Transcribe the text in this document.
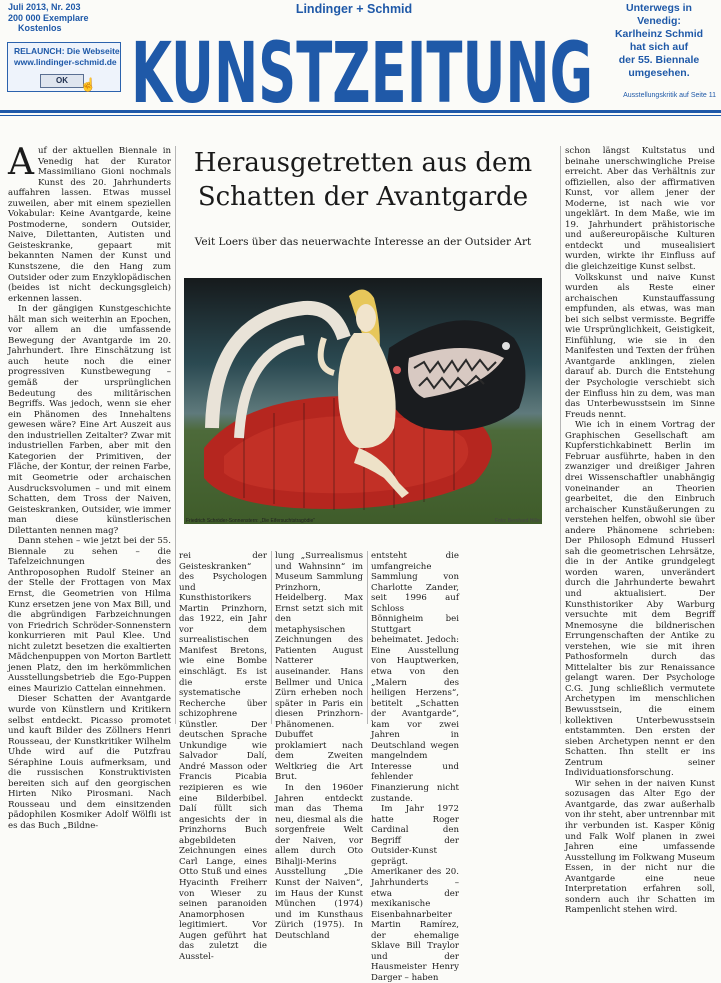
Juli 2013, Nr. 203
200 000 Exemplare
Kostenlos
RELAUNCH: Die Webseite
www.lindinger-schmid.de
OK ☝
Lindinger + Schmid
KUNSTZEITUNG
Unterwegs in
Venedig:
Karlheinz Schmid
hat sich auf
der 55. Biennale
umgesehen.
Ausstellungskritik auf Seite 11

Auf der aktuellen Biennale in Venedig hat der Kurator Massimiliano Gioni nochmals Kunst des 20. Jahrhunderts auffahren lassen. Etwas mussel zuweilen, aber mit einem speziellen Vokabular: Keine Avantgarde, keine Postmoderne, sondern Outsider, Naive, Dilettanten, Autisten und Geisteskranke, gepaart mit bekannten Namen der Kunst und Kunstszene, die den Hang zum Outsider oder zum Enzyklopädischen (beides ist nicht deckungsgleich) erkennen lassen.

In der gängigen Kunstgeschichte hält man sich weiterhin an Epochen, vor allem an die umfassende Bewegung der Avantgarde im 20. Jahrhundert. Ihre Einschätzung ist auch heute noch die einer progressiven Kunstbewegung – gemäß der ursprünglichen Bedeutung des militärischen Begriffs. Was jedoch, wenn sie eher ein Phänomen des Innehaltens gewesen wäre? Eine Art Auszeit aus den industriellen Zeitalter? Zwar mit industriellen Farben, aber mit den Kategorien der Primitiven, der Fläche, der Kontur, der reinen Farbe, mit Geometrie oder archaischen Ausdrucksvolumen – und mit einem Schatten, dem Tross der Naiven, Geisteskranken, Outsider, wie immer man diese künstlerischen Dilettanten nennen mag?

Dann stehen – wie jetzt bei der 55. Biennale zu sehen – die Tafelzeichnungen des Anthroposophen Rudolf Steiner an der Stelle der Frottagen von Max Ernst, die Geometrien von Hilma Kunz ersetzen jene von Max Bill, und die abgründigen Farbzeichnungen von Friedrich Schröder-Sonnenstern konkurrieren mit Paul Klee. Und nicht zuletzt besetzen die exaltierten Mädchenpuppen von Morton Bartlett jenen Platz, den im herkömmlichen Ausstellungsbetrieb die Ego-Puppen eines Maurizio Cattelan einnehmen.

Dieser Schatten der Avantgarde wurde von Künstlern und Kritikern selbst entdeckt. Picasso promotet und kauft Bilder des Zöllners Henri Rousseau, der Kunstkritiker Wilhelm Uhde wird auf die Putzfrau Séraphine Louis aufmerksam, und die russischen Konstruktivisten bereiten sich auf den georgischen Hirten Niko Pirosmani. Nach Rousseau und dem einsitzenden pädophilen Kosmiker Adolf Wölfli ist es das Buch „Bildne-

Herausgetretten aus dem
Schatten der Avantgarde
Veit Loers über das neuerwachte Interesse an der Outsider Art
Friedrich Schröder-Sonnenstern: „Die Eifersuchtstragödie“	Foto: Bernhard Hiller

rei der Geisteskranken“ des Psychologen und Kunsthistorikers Martin Prinzhorn, das 1922, ein Jahr vor dem surrealistischen Manifest Bretons, wie eine Bombe einschlägt. Es ist die erste systematische Recherche über schizophrene Künstler. Der deutschen Sprache Unkundige wie Salvador Dalí, André Masson oder Francis Picabia rezipieren es wie eine Bilderbibel. Dalí füllt sich angesichts der in Prinzhorns Buch abgebildeten Zeichnungen eines Carl Lange, eines Otto Stuß und eines Hyacinth Freiherr von Wieser zu seinen paranoiden Anamorphosen legitimiert. Vor Augen geführt hat das zuletzt die Ausstel-

lung „Surrealismus und Wahnsinn“ im Museum Sammlung Prinzhorn, Heidelberg. Max Ernst setzt sich mit den metaphysischen Zeichnungen des Patienten August Natterer auseinander. Hans Bellmer und Unica Zürn erheben noch später in Paris ein diesen Prinzhorn-Phänomenen. Dubuffet proklamiert nach dem Zweiten Weltkrieg die Art Brut.

In den 1960er Jahren entdeckt man das Thema neu, diesmal als die sorgenfreie Welt der Naiven, vor allem durch Oto Bihalji-Merins Ausstellung „Die Kunst der Naiven“, im Haus der Kunst München (1974) und im Kunsthaus Zürich (1975). In Deutschland

entsteht die umfangreiche Sammlung von Charlotte Zander, seit 1996 auf Schloss Bönnigheim bei Stuttgart beheimatet. Jedoch: Eine Ausstellung von Hauptwerken, etwa von den „Malern des heiligen Herzens“, betitelt „Schatten der Avantgarde“, kam vor zwei Jahren in Deutschland wegen mangelndem Interesse und fehlender Finanzierung nicht zustande.

Im Jahr 1972 hatte Roger Cardinal den Begriff der Outsider-Kunst geprägt. Amerikaner des 20. Jahrhunderts – etwa der mexikanische Eisenbahnarbeiter Martin Ramírez, der ehemalige Sklave Bill Traylor und der Hausmeister Henry Darger – haben

schon längst Kultstatus und beinahe unerschwingliche Preise erreicht. Aber das Verhältnis zur offiziellen, also der affirmativen Kunst, vor allem jener der Moderne, ist nach wie vor ungeklärt. In dem Maße, wie im 19. Jahrhundert prähistorische und außereuropäische Kulturen entdeckt und musealisiert wurden, wirkte ihr Einfluss auf die gleichzeitige Kunst selbst.

Volkskunst und naive Kunst wurden als Reste einer archaischen Kunstauffassung empfunden, als etwas, was man bei sich selbst vermisste. Begriffe wie Ursprünglichkeit, Geistigkeit, Einfühlung, wie sie in den Manifesten und Texten der frühen Avantgarde anklingen, zielen darauf ab. Durch die Entstehung der Psychologie verschiebt sich der Einfluss hin zu dem, was man das Unterbewusstsein im Sinne Freuds nennt.

Wie ich in einem Vortrag der Graphischen Gesellschaft am Kupferstichkabinett Berlin im Februar ausführte, haben in den zwanziger und dreißiger Jahren drei Wissenschaftler unabhängig voneinander an Theorien gearbeitet, die den Einbruch archaischer Kunstäußerungen zu verstehen helfen, obwohl sie über andere Phänomene schrieben: Der Philosoph Edmund Husserl sah die geometrischen Lehrsätze, die in der Antike grundgelegt worden waren, unverändert durch die Jahrhunderte bewahrt und aktualisiert. Der Kunsthistoriker Aby Warburg versuchte mit dem Begriff Mnemosyne die bildnerischen Errungenschaften der Antike zu verstehen, wie sie mit ihren Pathosformeln durch das Mittelalter bis zur Renaissance gelangt waren. Der Psychologe C.G. Jung schließlich vermutete Archetypen im menschlichen Bewusstsein, die einem kollektiven Unterbewusstsein entstammten. Den ersten der sieben Archetypen nennt er den Schatten. Ihn stellt er ins Zentrum seiner Individuationsforschung.

Wir sehen in der naiven Kunst sozusagen das Alter Ego der Avantgarde, das zwar außerhalb von ihr steht, aber untrennbar mit ihr verbunden ist. Kasper König und Falk Wolf planen in zwei Jahren eine umfassende Ausstellung im Folkwang Museum Essen, in der nicht nur die Avantgarde eine neue Interpretation erfahren soll, sondern auch ihr Schatten im Rampenlicht stehen wird.
